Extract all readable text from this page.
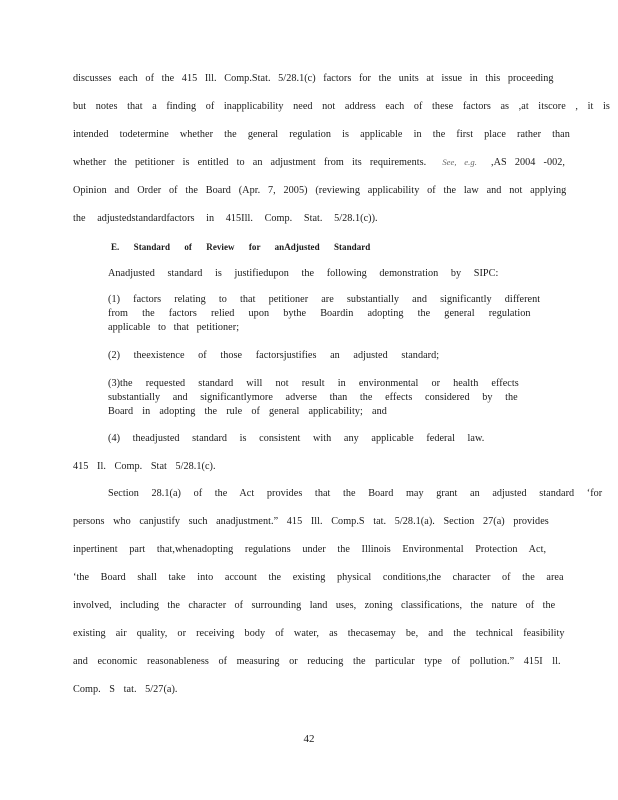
discusses each of the 415 Ill. Comp.Stat. 5/28.1(c) factors for the units at issue in this proceeding
but notes that a finding of inapplicability need not address each of these factors as ,at itscore , it is
intended todetermine whether the general regulation is applicable in the first place rather than
whether the petitioner is entitled to an adjustment from its requirements. See, e.g. ,AS 2004 -002,
Opinion and Order of the Board (Apr. 7, 2005) (reviewing applicability of the law and not applying
the adjustedstandardfactors in 415Ill. Comp. Stat. 5/28.1(c)).
E. Standard of Review for anAdjusted Standard
Anadjusted standard is justifiedupon the following demonstration by SIPC:
(1) factors relating to that petitioner are substantially and significantly different
from the factors relied upon bythe Boardin adopting the general regulation
applicable to that petitioner;
(2) theexistence of those factorsjustifies an adjusted standard;
(3)the requested standard will not result in environmental or health effects
substantially and significantlymore adverse than the effects considered by the
Board in adopting the rule of general applicability; and
(4) theadjusted standard is consistent with any applicable federal law.
415 Il. Comp. Stat 5/28.1(c).
Section 28.1(a) of the Act provides that the Board may grant an adjusted standard ‘for
persons who canjustify such anadjustment.” 415 Ill. Comp.S tat. 5/28.1(a). Section 27(a) provides
inpertinent part that,whenadopting regulations under the Illinois Environmental Protection Act,
‘the Board shall take into account the existing physical conditions,the character of the area
involved, including the character of surrounding land uses, zoning classifications, the nature of the
existing air quality, or receiving body of water, as thecasemay be, and the technical feasibility
and economic reasonableness of measuring or reducing the particular type of pollution.” 415I ll.
Comp. S tat. 5/27(a).
42
